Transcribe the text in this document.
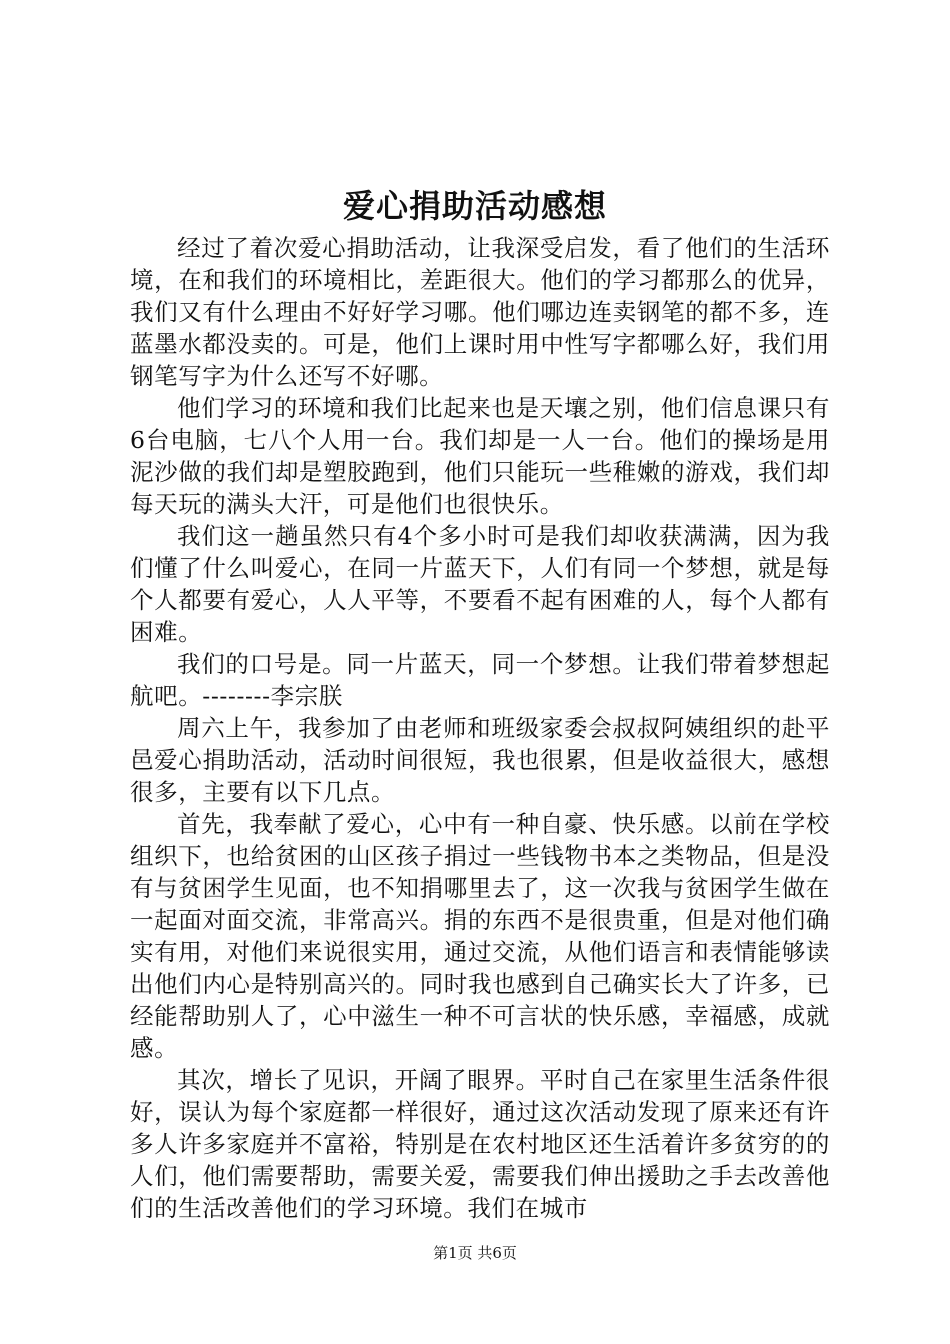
爱心捐助活动感想

经过了着次爱心捐助活动，让我深受启发，看了他们的生活环境，在和我们的环境相比，差距很大。他们的学习都那么的优异，我们又有什么理由不好好学习哪。他们哪边连卖钢笔的都不多，连蓝墨水都没卖的。可是，他们上课时用中性写字都哪么好，我们用钢笔写字为什么还写不好哪。

他们学习的环境和我们比起来也是天壤之别，他们信息课只有6台电脑，七八个人用一台。我们却是一人一台。他们的操场是用泥沙做的我们却是塑胶跑到，他们只能玩一些稚嫩的游戏，我们却每天玩的满头大汗，可是他们也很快乐。

我们这一趟虽然只有4个多小时可是我们却收获满满，因为我们懂了什么叫爱心，在同一片蓝天下，人们有同一个梦想，就是每个人都要有爱心，人人平等，不要看不起有困难的人，每个人都有困难。

我们的口号是。同一片蓝天，同一个梦想。让我们带着梦想起航吧。--------李宗朕

周六上午，我参加了由老师和班级家委会叔叔阿姨组织的赴平邑爱心捐助活动，活动时间很短，我也很累，但是收益很大，感想很多，主要有以下几点。

首先，我奉献了爱心，心中有一种自豪、快乐感。以前在学校组织下，也给贫困的山区孩子捐过一些钱物书本之类物品，但是没有与贫困学生见面，也不知捐哪里去了，这一次我与贫困学生做在一起面对面交流，非常高兴。捐的东西不是很贵重，但是对他们确实有用，对他们来说很实用，通过交流，从他们语言和表情能够读出他们内心是特别高兴的。同时我也感到自己确实长大了许多，已经能帮助别人了，心中滋生一种不可言状的快乐感，幸福感，成就感。

其次，增长了见识，开阔了眼界。平时自己在家里生活条件很好，误认为每个家庭都一样很好，通过这次活动发现了原来还有许多人许多家庭并不富裕，特别是在农村地区还生活着许多贫穷的的人们，他们需要帮助，需要关爱，需要我们伸出援助之手去改善他们的生活改善他们的学习环境。我们在城市

第1页 共6页
